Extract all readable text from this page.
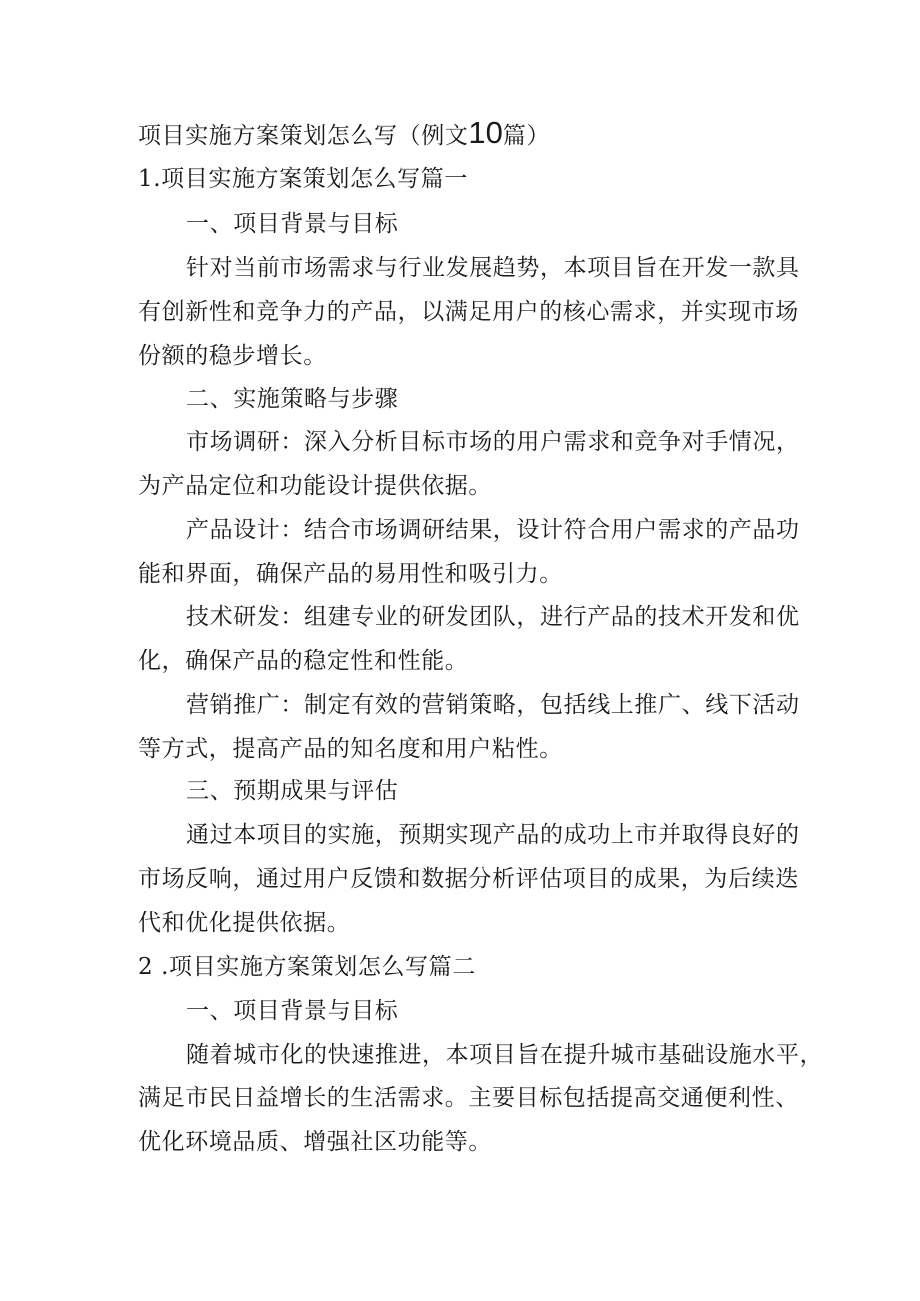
项目实施方案策划怎么写（例文10篇）
1.项目实施方案策划怎么写篇一
一、项目背景与目标
针对当前市场需求与行业发展趋势，本项目旨在开发一款具
有创新性和竞争力的产品，以满足用户的核心需求，并实现市场
份额的稳步增长。
二、实施策略与步骤
市场调研：深入分析目标市场的用户需求和竞争对手情况，
为产品定位和功能设计提供依据。
产品设计：结合市场调研结果，设计符合用户需求的产品功
能和界面，确保产品的易用性和吸引力。
技术研发：组建专业的研发团队，进行产品的技术开发和优
化，确保产品的稳定性和性能。
营销推广：制定有效的营销策略，包括线上推广、线下活动
等方式，提高产品的知名度和用户粘性。
三、预期成果与评估
通过本项目的实施，预期实现产品的成功上市并取得良好的
市场反响，通过用户反馈和数据分析评估项目的成果，为后续迭
代和优化提供依据。
2 .项目实施方案策划怎么写篇二
一、项目背景与目标
随着城市化的快速推进，本项目旨在提升城市基础设施水平，
满足市民日益增长的生活需求。主要目标包括提高交通便利性、
优化环境品质、增强社区功能等。
